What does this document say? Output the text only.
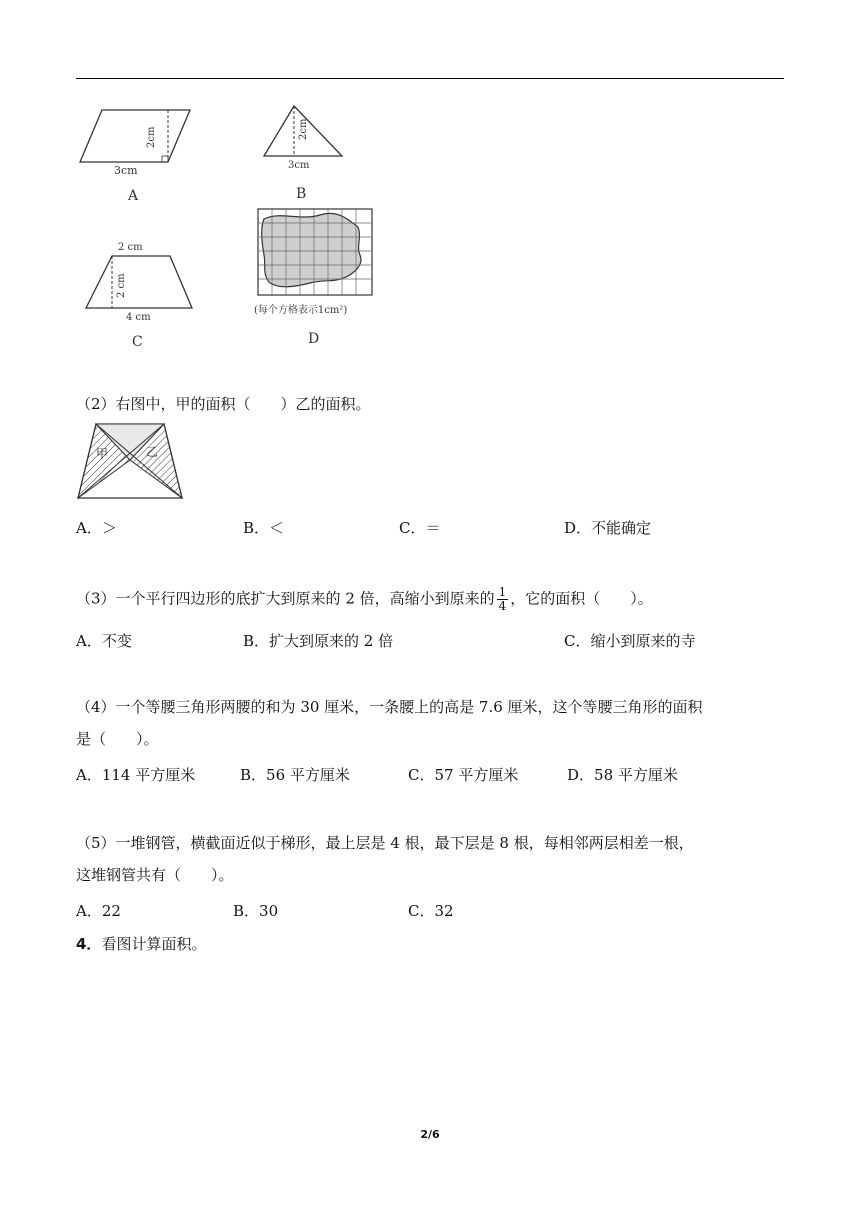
2cm
3cm
A
2cm
3cm
B
2 cm
2 cm
4 cm
C
(每个方格表示1cm²)
D
（2）右图中，甲的面积（　　）乙的面积。
甲	乙
A．＞	B．＜	C．＝	D．不能确定
（3）一个平行四边形的底扩大到原来的 2 倍，高缩小到原来的 $\frac{1}{4}$ ，它的面积（　　）。
A．不变	B．扩大到原来的 2 倍	C．缩小到原来的寺
（4）一个等腰三角形两腰的和为 30 厘米，一条腰上的高是 7.6 厘米，这个等腰三角形的面积
是（　　）。
A．114 平方厘米	B．56 平方厘米	C．57 平方厘米	D．58 平方厘米
（5）一堆钢管，横截面近似于梯形，最上层是 4 根，最下层是 8 根，每相邻两层相差一根，
这堆钢管共有（　　）。
A．22	B．30	C．32
4．看图计算面积。
2/6
